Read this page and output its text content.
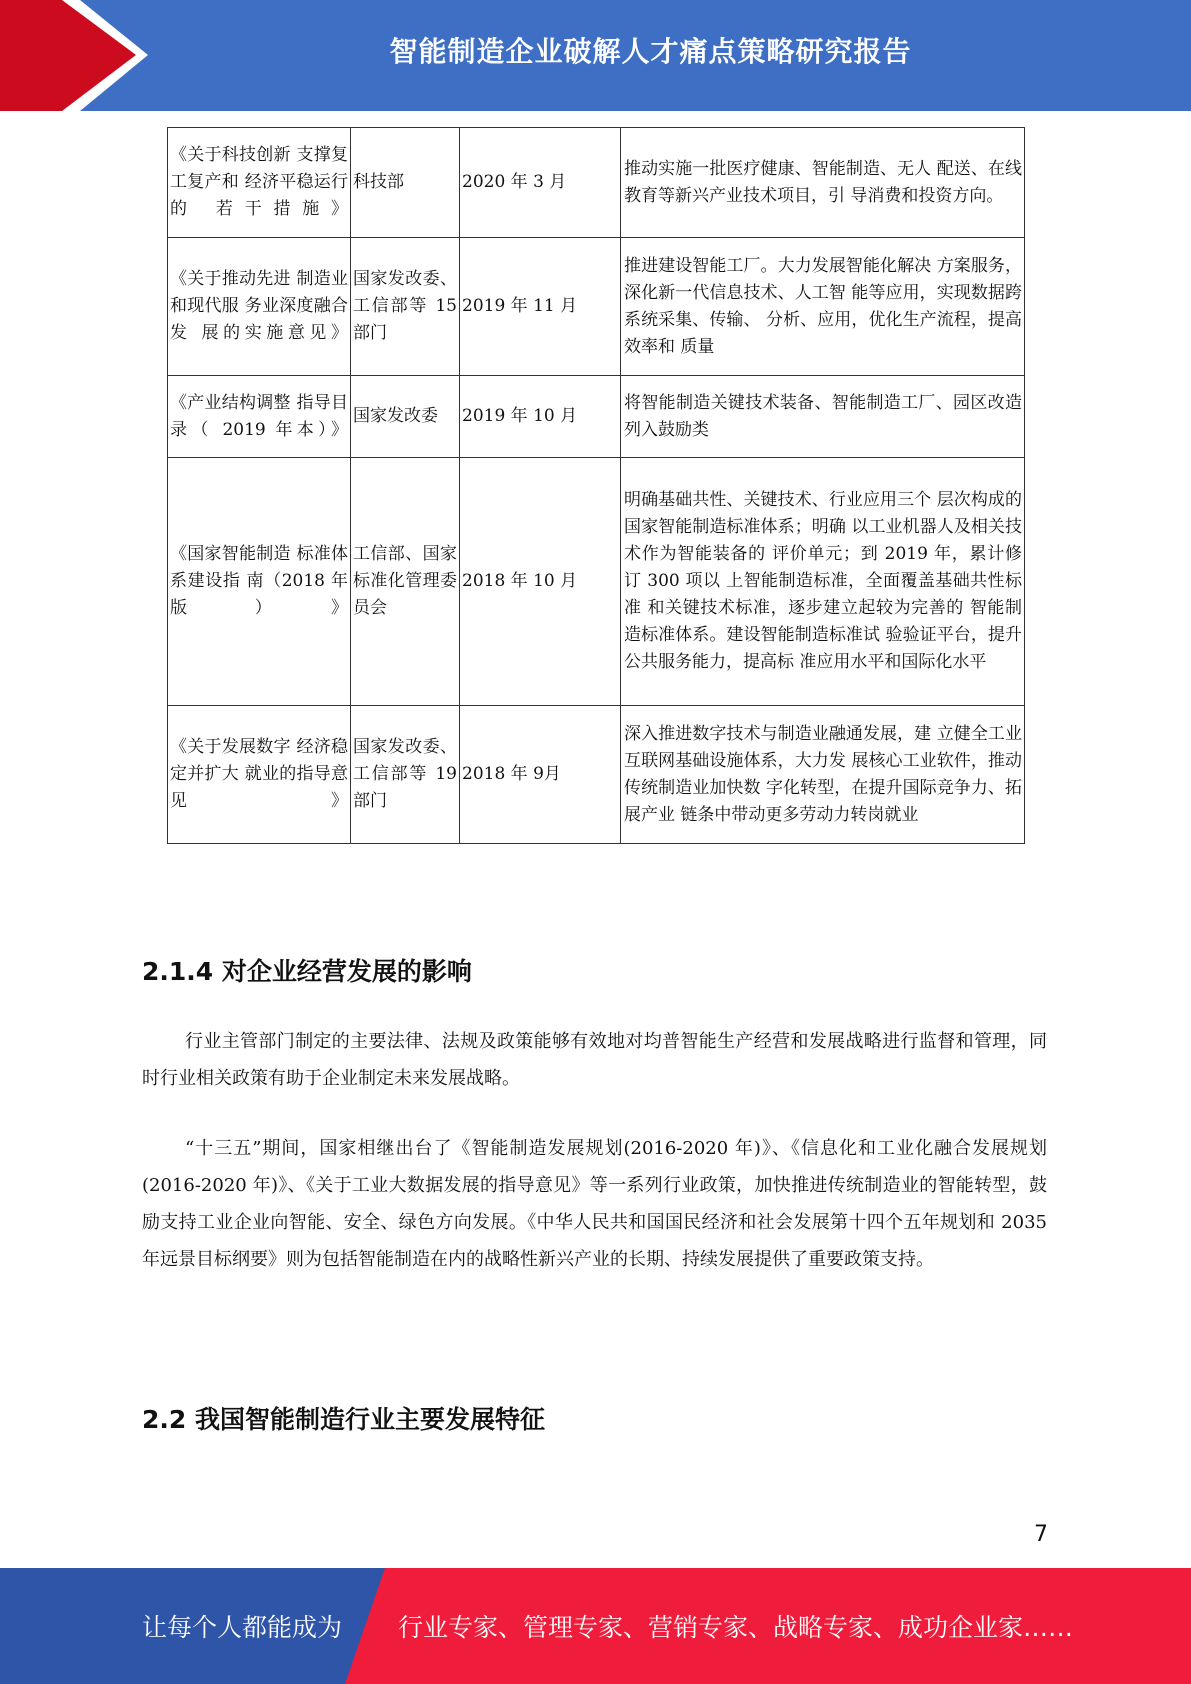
智能制造企业破解人才痛点策略研究报告
《关于科技创新 支撑复工复产和 经济平稳运行的 若干措施》	科技部	2020 年 3 月	推动实施一批医疗健康、智能制造、无人 配送、在线教育等新兴产业技术项目，引 导消费和投资方向。
《关于推动先进 制造业和现代服 务业深度融合发 展的实施意见》	国家发改委、工信部等 15 部门	2019 年 11 月	推进建设智能工厂。大力发展智能化解决 方案服务，深化新一代信息技术、人工智 能等应用，实现数据跨系统采集、传输、 分析、应用，优化生产流程，提高效率和 质量
《产业结构调整 指导目录（ 2019 年本）》	国家发改委	2019 年 10 月	将智能制造关键技术装备、智能制造工厂、园区改造列入鼓励类
《国家智能制造 标准体系建设指 南（2018 年版）》	工信部、国家标准化管理委员会	2018 年 10 月	明确基础共性、关键技术、行业应用三个 层次构成的国家智能制造标准体系；明确 以工业机器人及相关技术作为智能装备的 评价单元；到 2019 年，累计修订 300 项以 上智能制造标准，全面覆盖基础共性标准 和关键技术标准，逐步建立起较为完善的 智能制造标准体系。建设智能制造标准试 验验证平台，提升公共服务能力，提高标 准应用水平和国际化水平
《关于发展数字 经济稳定并扩大 就业的指导意见》	国家发改委、工信部等 19 部门	2018 年 9月	深入推进数字技术与制造业融通发展，建 立健全工业互联网基础设施体系，大力发 展核心工业软件，推动传统制造业加快数 字化转型，在提升国际竞争力、拓展产业 链条中带动更多劳动力转岗就业
2.1.4 对企业经营发展的影响

行业主管部门制定的主要法律、法规及政策能够有效地对均普智能生产经营和发展战略进行监督和管理，同时行业相关政策有助于企业制定未来发展战略。

“十三五”期间，国家相继出台了《智能制造发展规划(2016-2020 年)》、《信息化和工业化融合发展规划(2016-2020 年)》、《关于工业大数据发展的指导意见》等一系列行业政策，加快推进传统制造业的智能转型，鼓励支持工业企业向智能、安全、绿色方向发展。《中华人民共和国国民经济和社会发展第十四个五年规划和 2035 年远景目标纲要》则为包括智能制造在内的战略性新兴产业的长期、持续发展提供了重要政策支持。

2.2 我国智能制造行业主要发展特征
7
让每个人都能成为 行业专家、管理专家、营销专家、战略专家、成功企业家……
